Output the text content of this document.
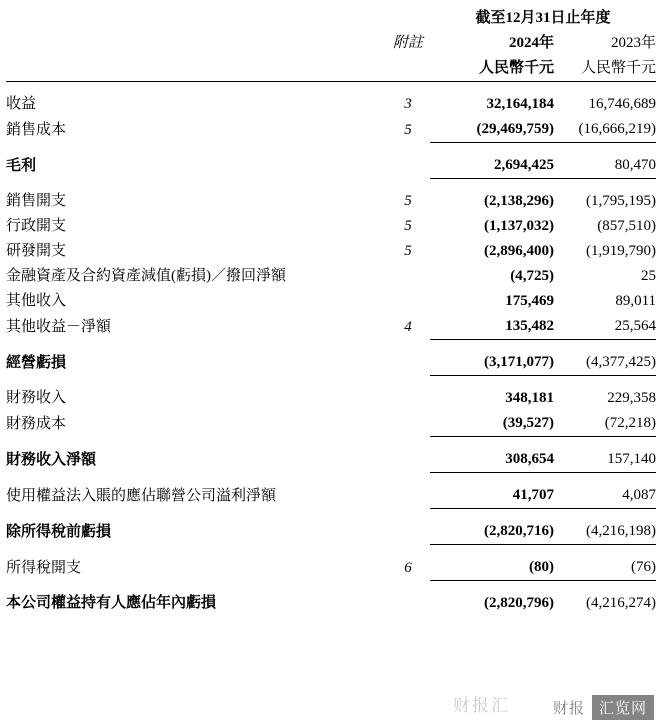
		截至12月31日止年度	
	附註	2024年	2023年
		人民幣千元	人民幣千元

收益	3	32,164,184	16,746,689
銷售成本	5	(29,469,759)	(16,666,219)

毛利		2,694,425	80,470

銷售開支	5	(2,138,296)	(1,795,195)
行政開支	5	(1,137,032)	(857,510)
研發開支	5	(2,896,400)	(1,919,790)
金融資產及合約資產減值(虧損)／撥回淨額		(4,725)	25
其他收入		175,469	89,011
其他收益－淨額	4	135,482	25,564

經營虧損		(3,171,077)	(4,377,425)

財務收入		348,181	229,358
財務成本		(39,527)	(72,218)

財務收入淨額		308,654	157,140

使用權益法入賬的應佔聯營公司溢利淨額		41,707	4,087

除所得稅前虧損		(2,820,716)	(4,216,198)

所得稅開支	6	(80)	(76)

本公司權益持有人應佔年內虧損		(2,820,796)	(4,216,274)
财报汇	财报 汇览网
